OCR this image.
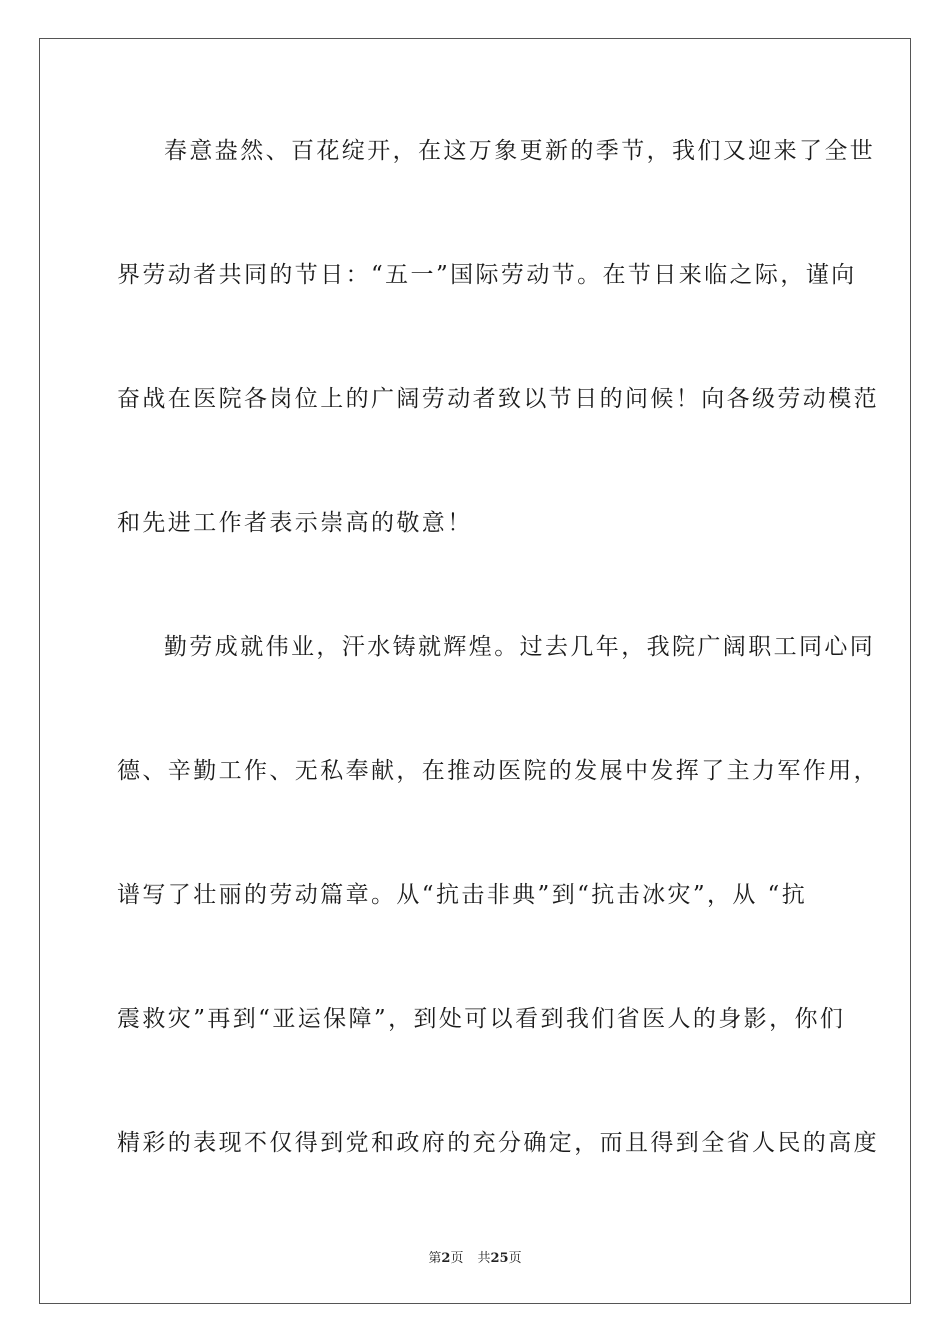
春意盎然、百花绽开，在这万象更新的季节，我们又迎来了全世
界劳动者共同的节日：“五一”国际劳动节。在节日来临之际，谨向
奋战在医院各岗位上的广阔劳动者致以节日的问候！向各级劳动模范
和先进工作者表示崇高的敬意！
勤劳成就伟业，汗水铸就辉煌。过去几年，我院广阔职工同心同
德、辛勤工作、无私奉献，在推动医院的发展中发挥了主力军作用，
谱写了壮丽的劳动篇章。从“抗击非典”到“抗击冰灾”，从 “抗
震救灾”再到“亚运保障”，到处可以看到我们省医人的身影，你们
精彩的表现不仅得到党和政府的充分确定，而且得到全省人民的高度
第2页 共25页
